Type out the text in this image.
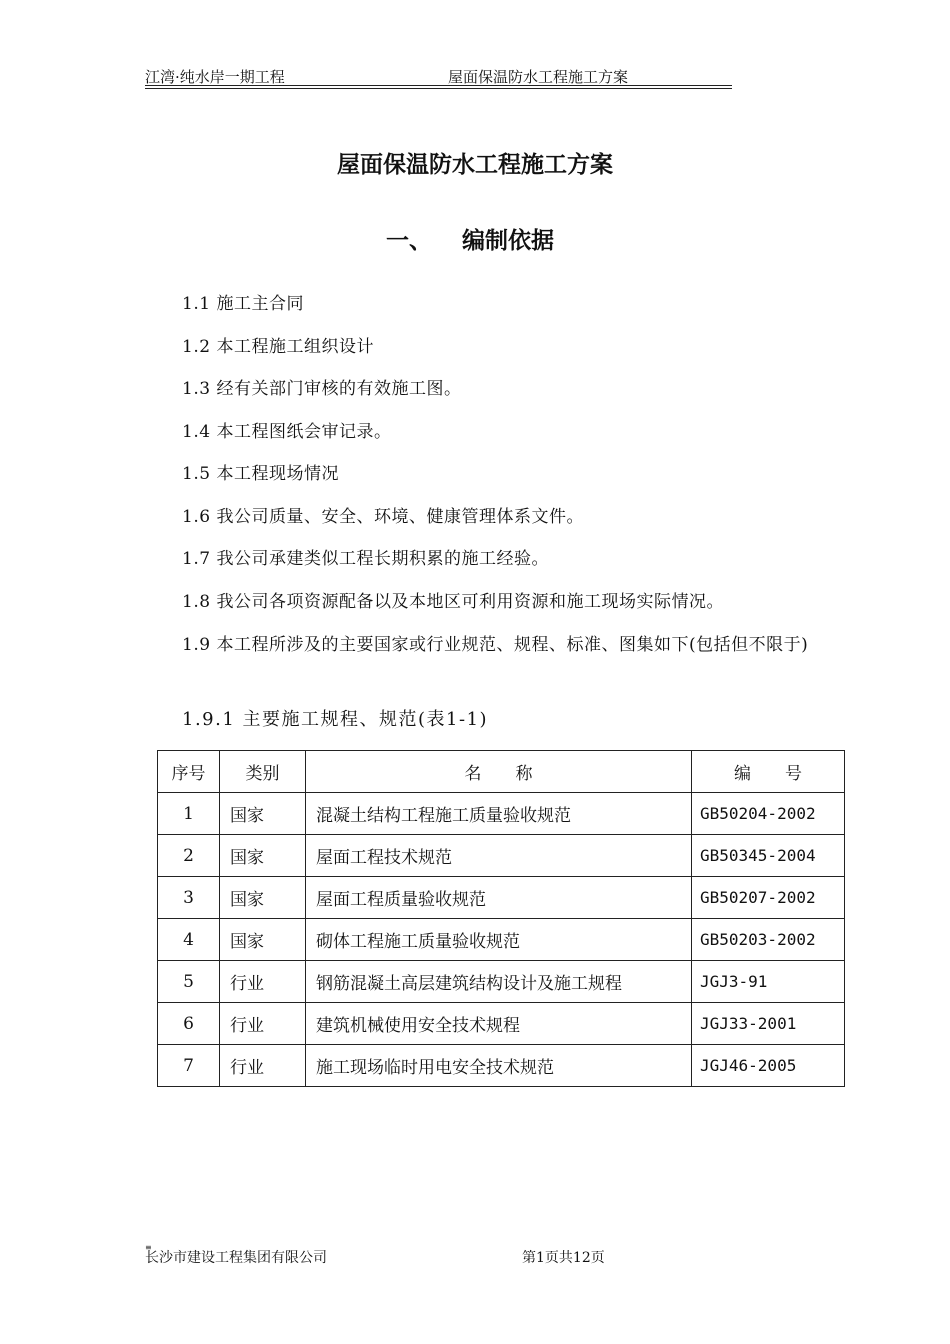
江湾·纯水岸一期工程	屋面保温防水工程施工方案
屋面保温防水工程施工方案
一、 编制依据
1.1 施工主合同
1.2 本工程施工组织设计
1.3 经有关部门审核的有效施工图。
1.4 本工程图纸会审记录。
1.5 本工程现场情况
1.6 我公司质量、安全、环境、健康管理体系文件。
1.7 我公司承建类似工程长期积累的施工经验。
1.8 我公司各项资源配备以及本地区可利用资源和施工现场实际情况。
1.9 本工程所涉及的主要国家或行业规范、规程、标准、图集如下(包括但不限于)
1.9.1 主要施工规程、规范(表1-1)
序号	类别	名　　称	编　　号
1	国家	混凝土结构工程施工质量验收规范	GB50204-2002
2	国家	屋面工程技术规范	GB50345-2004
3	国家	屋面工程质量验收规范	GB50207-2002
4	国家	砌体工程施工质量验收规范	GB50203-2002
5	行业	钢筋混凝土高层建筑结构设计及施工规程	JGJ3-91
6	行业	建筑机械使用安全技术规程	JGJ33-2001
7	行业	施工现场临时用电安全技术规范	JGJ46-2005
≡
长沙市建设工程集团有限公司	第1页共12页
